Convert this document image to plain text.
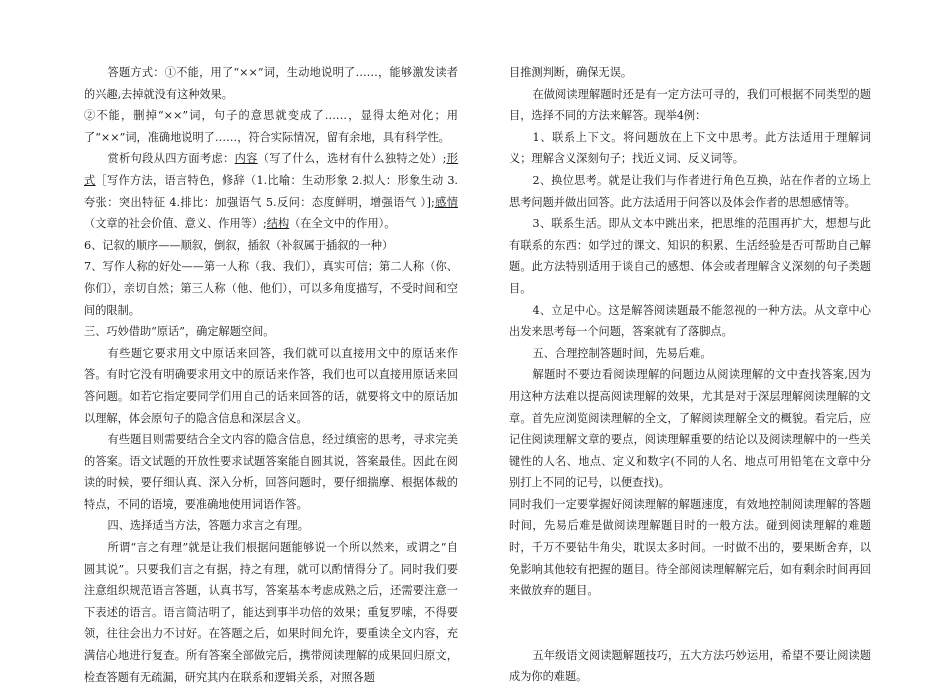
答题方式：①不能，用了“××”词，生动地说明了……，能够激发读者的兴趣,去掉就没有这种效果。

②不能，删掉“××”词，句子的意思就变成了……，显得太绝对化；用了“××”词，准确地说明了……，符合实际情况，留有余地，具有科学性。

赏析句段从四方面考虑：内容（写了什么，选材有什么独特之处）;形式［写作方法，语言特色，修辞（1.比喻：生动形象 2.拟人：形象生动 3.夸张：突出特征 4.排比：加强语气 5.反问：态度鲜明，增强语气 ）];感情（文章的社会价值、意义、作用等）;结构（在全文中的作用）。

6、记叙的顺序——顺叙，倒叙，插叙（补叙属于插叙的一种）

7、写作人称的好处——第一人称（我、我们），真实可信；第二人称（你、你们），亲切自然；第三人称（他、他们），可以多角度描写，不受时间和空间的限制。

三、巧妙借助“原话”，确定解题空间。

有些题它要求用文中原话来回答，我们就可以直接用文中的原话来作答。有时它没有明确要求用文中的原话来作答，我们也可以直接用原话来回答问题。如若它指定要同学们用自己的话来回答的话，就要将文中的原话加以理解，体会原句子的隐含信息和深层含义。

有些题目则需要结合全文内容的隐含信息，经过缜密的思考，寻求完美的答案。语文试题的开放性要求试题答案能自圆其说，答案最佳。因此在阅读的时候，要仔细认真、深入分析，回答问题时，要仔细揣摩、根据体裁的特点，不同的语境，要准确地使用词语作答。

四、选择适当方法，答题力求言之有理。

所谓“言之有理”就是让我们根据问题能够说一个所以然来，或谓之“自圆其说”。只要我们言之有据，持之有理，就可以酌情得分了。同时我们要注意组织规范语言答题，认真书写，答案基本考虑成熟之后，还需要注意一下表述的语言。语言简洁明了，能达到事半功倍的效果；重复罗嗦，不得要领，往往会出力不讨好。在答题之后，如果时间允许，要重读全文内容，充满信心地进行复查。所有答案全部做完后，携带阅读理解的成果回归原文，检查答题有无疏漏，研究其内在联系和逻辑关系，对照各题

目推测判断，确保无误。

在做阅读理解题时还是有一定方法可寻的，我们可根据不同类型的题目，选择不同的方法来解答。现举4例：

1、联系上下文。将问题放在上下文中思考。此方法适用于理解词义；理解含义深刻句子；找近义词、反义词等。

2、换位思考。就是让我们与作者进行角色互换，站在作者的立场上思考问题并做出回答。此方法适用于问答以及体会作者的思想感情等。

3、联系生活。即从文本中跳出来，把思维的范围再扩大，想想与此有联系的东西：如学过的课文、知识的积累、生活经验是否可帮助自己解题。此方法特别适用于谈自己的感想、体会或者理解含义深刻的句子类题目。

4、立足中心。这是解答阅读题最不能忽视的一种方法。从文章中心出发来思考每一个问题，答案就有了落脚点。

五、合理控制答题时间，先易后难。

解题时不要边看阅读理解的问题边从阅读理解的文中查找答案,因为用这种方法难以提高阅读理解的效果，尤其是对于深层理解阅读理解的文章。首先应浏览阅读理解的全文，了解阅读理解全文的概貌。看完后，应记住阅读理解文章的要点，阅读理解重要的结论以及阅读理解中的一些关键性的人名、地点、定义和数字(不同的人名、地点可用铅笔在文章中分别打上不同的记号，以便查找)。

同时我们一定要掌握好阅读理解的解题速度，有效地控制阅读理解的答题时间，先易后难是做阅读理解题目时的一般方法。碰到阅读理解的难题时，千万不要钻牛角尖，耽误太多时间。一时做不出的，要果断舍弃，以免影响其他较有把握的题目。待全部阅读理解解完后，如有剩余时间再回来做放弃的题目。

五年级语文阅读题解题技巧，五大方法巧妙运用，希望不要让阅读题成为你的难题。
